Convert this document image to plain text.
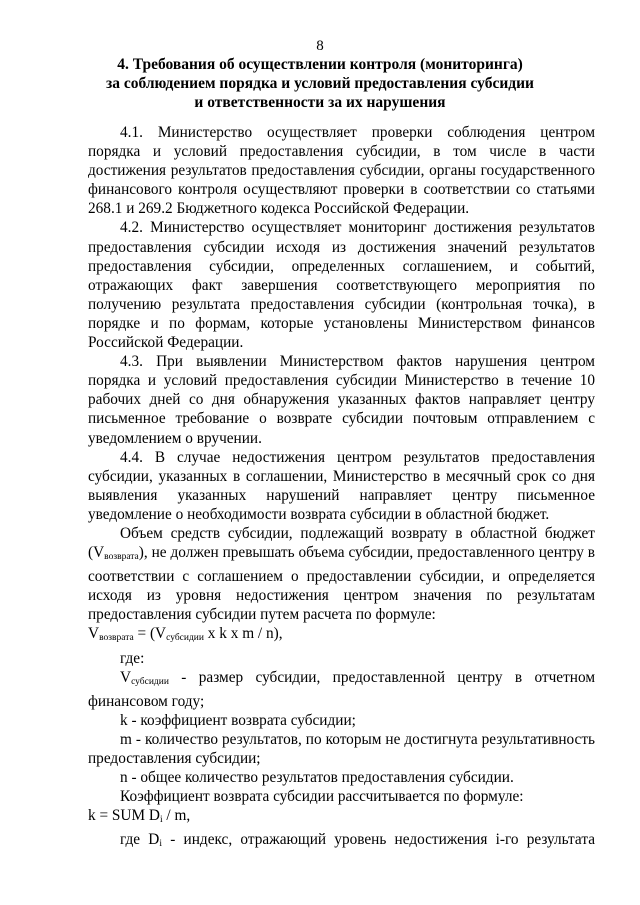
8
4. Требования об осуществлении контроля (мониторинга)
за соблюдением порядка и условий предоставления субсидии
и ответственности за их нарушения

4.1. Министерство осуществляет проверки соблюдения центром порядка и условий предоставления субсидии, в том числе в части достижения результатов предоставления субсидии, органы государственного финансового контроля осуществляют проверки в соответствии со статьями 268.1 и 269.2 Бюджетного кодекса Российской Федерации.

4.2. Министерство осуществляет мониторинг достижения результатов предоставления субсидии исходя из достижения значений результатов предоставления субсидии, определенных соглашением, и событий, отражающих факт завершения соответствующего мероприятия по получению результата предоставления субсидии (контрольная точка), в порядке и по формам, которые установлены Министерством финансов Российской Федерации.

4.3. При выявлении Министерством фактов нарушения центром порядка и условий предоставления субсидии Министерство в течение 10 рабочих дней со дня обнаружения указанных фактов направляет центру письменное требование о возврате субсидии почтовым отправлением с уведомлением о вручении.

4.4. В случае недостижения центром результатов предоставления субсидии, указанных в соглашении, Министерство в месячный срок со дня выявления указанных нарушений направляет центру письменное уведомление о необходимости возврата субсидии в областной бюджет.

Объем средств субсидии, подлежащий возврату в областной бюджет $(V_{возврата})$, не должен превышать объема субсидии, предоставленного центру в соответствии с соглашением о предоставлении субсидии, и определяется исходя из уровня недостижения центром значения по результатам предоставления субсидии путем расчета по формуле:

$V_{возврата} = (V_{субсидии}$ x k x m / n),

где:

$V_{субсидии}$ - размер субсидии, предоставленной центру в отчетном финансовом году;

k - коэффициент возврата субсидии;

m - количество результатов, по которым не достигнута результативность предоставления субсидии;

n - общее количество результатов предоставления субсидии.

Коэффициент возврата субсидии рассчитывается по формуле:

k = SUM $D_i$ / m,

где $D_i$ - индекс, отражающий уровень недостижения i-го результата
